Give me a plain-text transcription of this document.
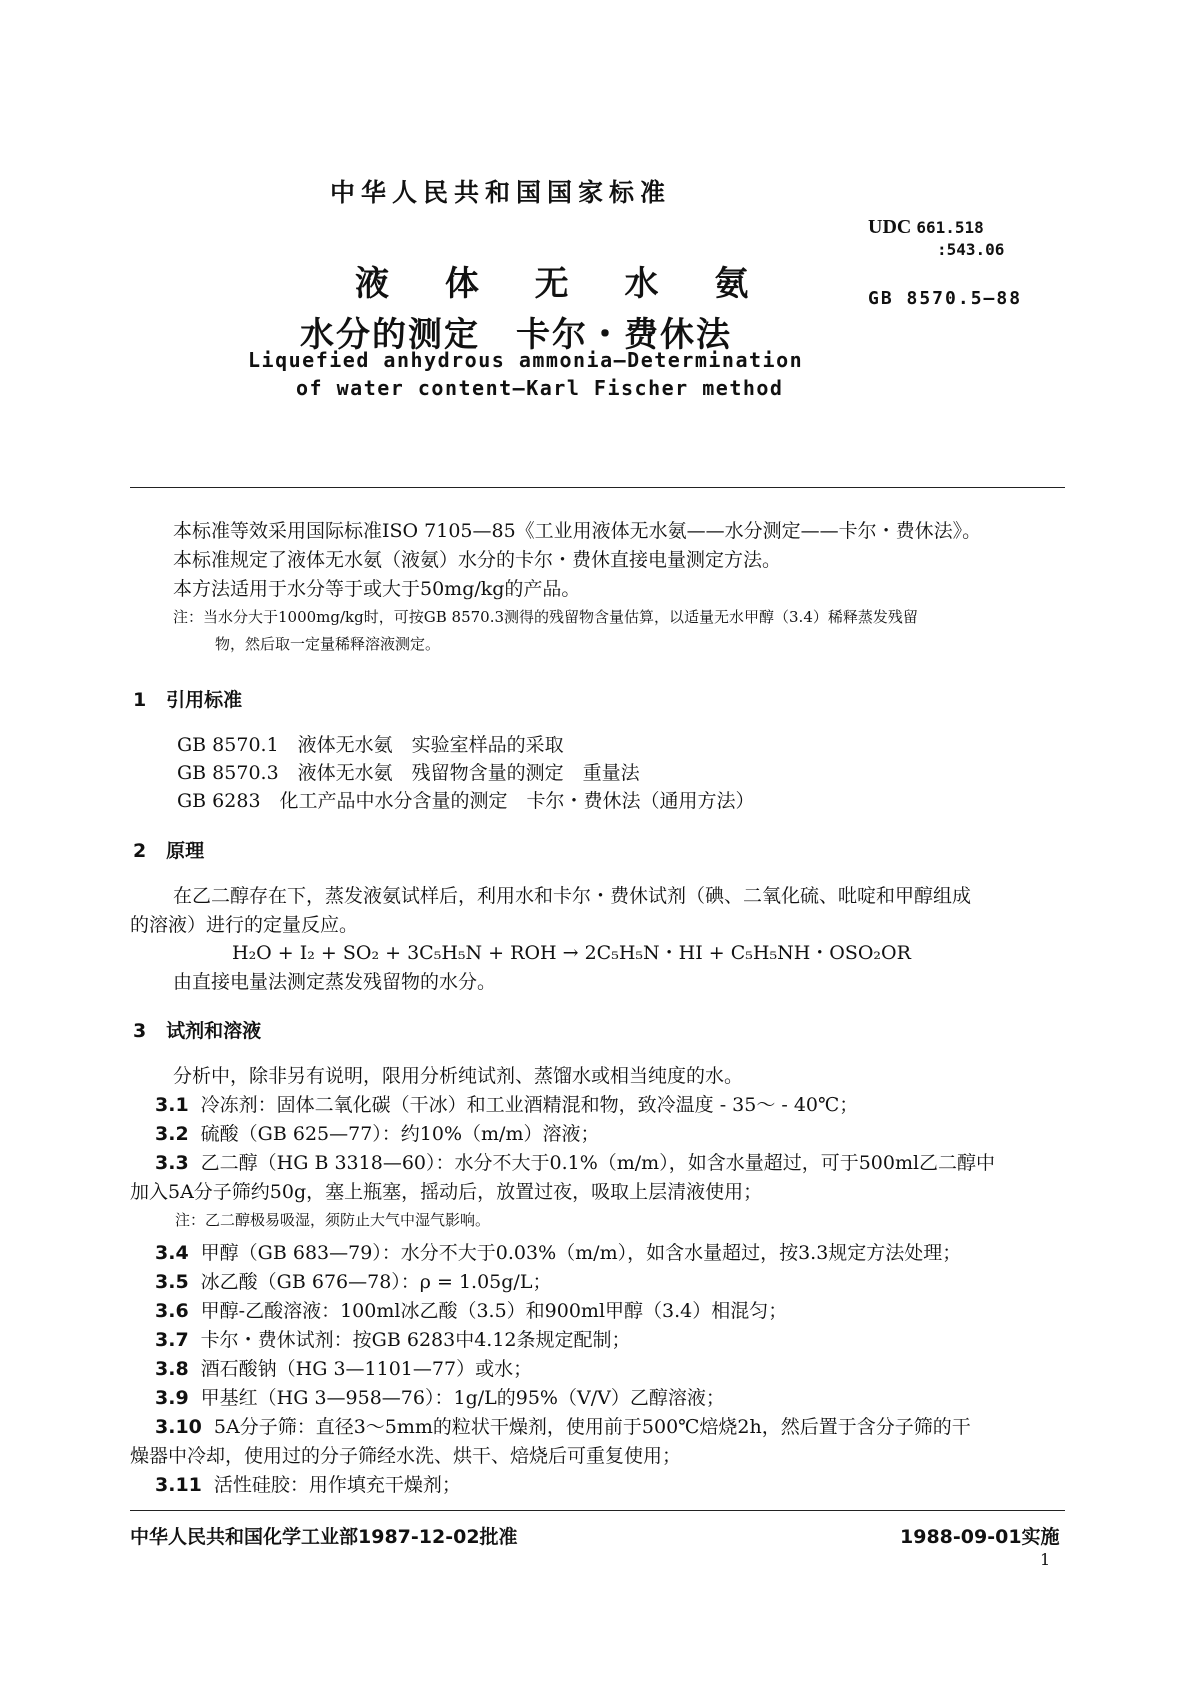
中华人民共和国国家标准
液 体 无 水 氨
水分的测定　卡尔・费休法
Liquefied anhydrous ammonia—Determination
of water content—Karl Fischer method
UDC 661.518
:543.06
GB 8570.5—88
本标准等效采用国际标准ISO 7105—85《工业用液体无水氨——水分测定——卡尔・费休法》。
本标准规定了液体无水氨（液氨）水分的卡尔・费休直接电量测定方法。
本方法适用于水分等于或大于50mg/kg的产品。
注：当水分大于1000mg/kg时，可按GB 8570.3测得的残留物含量估算，以适量无水甲醇（3.4）稀释蒸发残留
物，然后取一定量稀释溶液测定。
1 引用标准
GB 8570.1　液体无水氨　实验室样品的采取
GB 8570.3　液体无水氨　残留物含量的测定　重量法
GB 6283　化工产品中水分含量的测定　卡尔・费休法（通用方法）
2 原理
在乙二醇存在下，蒸发液氨试样后，利用水和卡尔・费休试剂（碘、二氧化硫、吡啶和甲醇组成
的溶液）进行的定量反应。
H₂O + I₂ + SO₂ + 3C₅H₅N + ROH → 2C₅H₅N・HI + C₅H₅NH・OSO₂OR
由直接电量法测定蒸发残留物的水分。
3 试剂和溶液
分析中，除非另有说明，限用分析纯试剂、蒸馏水或相当纯度的水。
3.1 冷冻剂：固体二氧化碳（干冰）和工业酒精混和物，致冷温度 - 35～ - 40℃；
3.2 硫酸（GB 625—77）：约10%（m/m）溶液；
3.3 乙二醇（HG B 3318—60）：水分不大于0.1%（m/m），如含水量超过，可于500ml乙二醇中
加入5A分子筛约50g，塞上瓶塞，摇动后，放置过夜，吸取上层清液使用；
注：乙二醇极易吸湿，须防止大气中湿气影响。
3.4 甲醇（GB 683—79）：水分不大于0.03%（m/m），如含水量超过，按3.3规定方法处理；
3.5 冰乙酸（GB 676—78）：ρ = 1.05g/L；
3.6 甲醇-乙酸溶液：100ml冰乙酸（3.5）和900ml甲醇（3.4）相混匀；
3.7 卡尔・费休试剂：按GB 6283中4.12条规定配制；
3.8 酒石酸钠（HG 3—1101—77）或水；
3.9 甲基红（HG 3—958—76）：1g/L的95%（V/V）乙醇溶液；
3.10 5A分子筛：直径3～5mm的粒状干燥剂，使用前于500℃焙烧2h，然后置于含分子筛的干
燥器中冷却，使用过的分子筛经水洗、烘干、焙烧后可重复使用；
3.11 活性硅胶：用作填充干燥剂；
中华人民共和国化学工业部1987-12-02批准	1988-09-01实施
1
